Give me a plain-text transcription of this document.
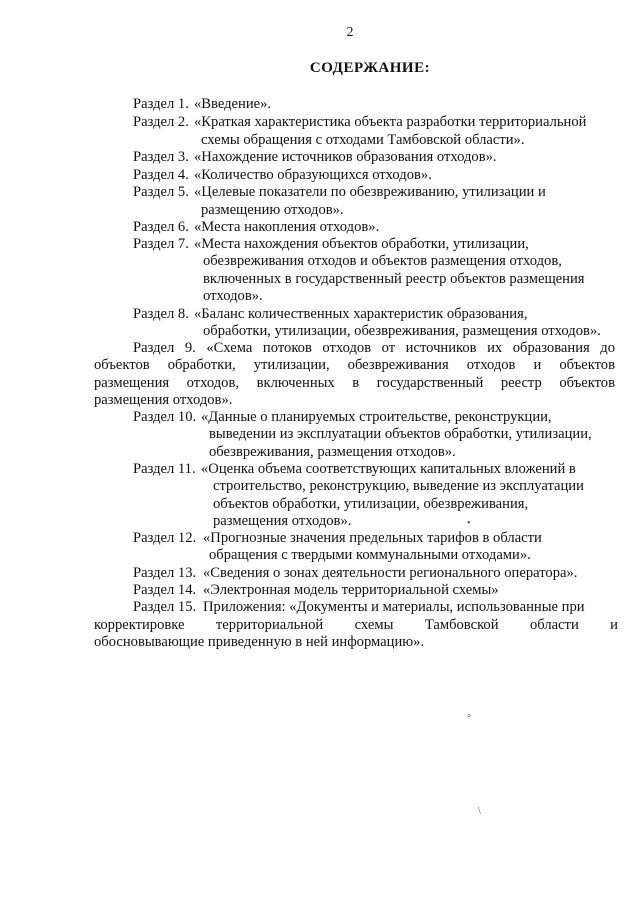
2
СОДЕРЖАНИЕ:
Раздел 1. «Введение».
Раздел 2. «Краткая характеристика объекта разработки территориальной
схемы обращения с отходами Тамбовской области».
Раздел 3. «Нахождение источников образования отходов».
Раздел 4. «Количество образующихся отходов».
Раздел 5. «Целевые показатели по обезвреживанию, утилизации и
размещению отходов».
Раздел 6. «Места накопления отходов».
Раздел 7. «Места нахождения объектов обработки, утилизации,
обезвреживания отходов и объектов размещения отходов,
включенных в государственный реестр объектов размещения
отходов».
Раздел 8. «Баланс количественных характеристик образования,
обработки, утилизации, обезвреживания, размещения отходов».
Раздел 9. «Схема потоков отходов от источников их образования до
объектов обработки, утилизации, обезвреживания отходов и объектов
размещения отходов, включенных в государственный реестр объектов
размещения отходов».
Раздел 10. «Данные о планируемых строительстве, реконструкции,
выведении из эксплуатации объектов обработки, утилизации,
обезвреживания, размещения отходов».
Раздел 11. «Оценка объема соответствующих капитальных вложений в
строительство, реконструкцию, выведение из эксплуатации
объектов обработки, утилизации, обезвреживания,
размещения отходов».
Раздел 12. «Прогнозные значения предельных тарифов в области
обращения с твердыми коммунальными отходами».
Раздел 13. «Сведения о зонах деятельности регионального оператора».
Раздел 14. «Электронная модель территориальной схемы»
Раздел 15. Приложения: «Документы и материалы, использованные при
корректировке территориальной схемы Тамбовской области и
обосновывающие приведенную в ней информацию».
•
°
\
